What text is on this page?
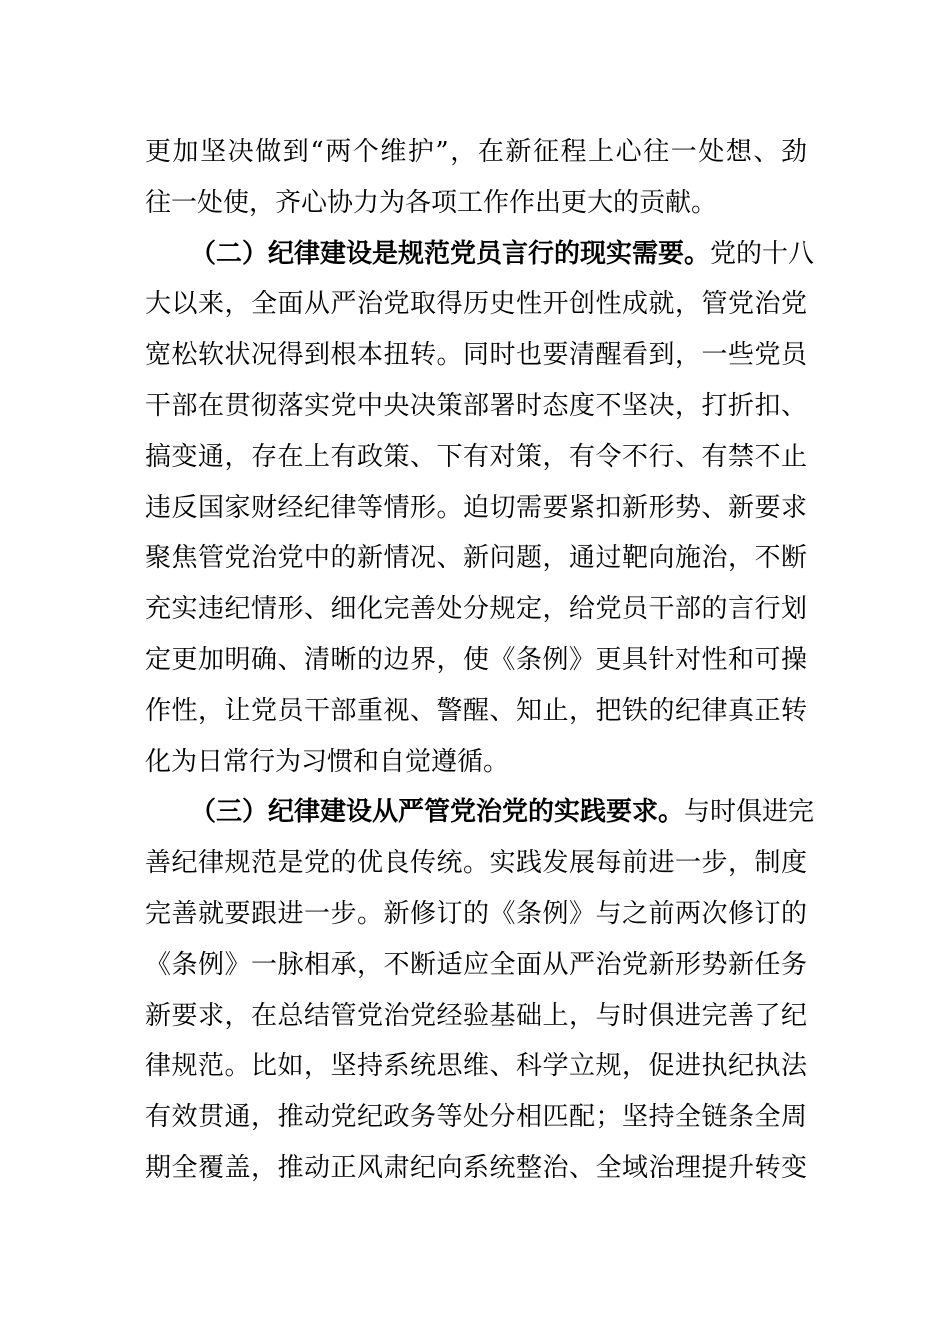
更加坚决做到“两个维护”，在新征程上心往一处想、劲
往一处使，齐心协力为各项工作作出更大的贡献。
（二）纪律建设是规范党员言行的现实需要。党的十八
大以来，全面从严治党取得历史性开创性成就，管党治党
宽松软状况得到根本扭转。同时也要清醒看到，一些党员
干部在贯彻落实党中央决策部署时态度不坚决，打折扣、
搞变通，存在上有政策、下有对策，有令不行、有禁不止
违反国家财经纪律等情形。迫切需要紧扣新形势、新要求
聚焦管党治党中的新情况、新问题，通过靶向施治，不断
充实违纪情形、细化完善处分规定，给党员干部的言行划
定更加明确、清晰的边界，使《条例》更具针对性和可操
作性，让党员干部重视、警醒、知止，把铁的纪律真正转
化为日常行为习惯和自觉遵循。
（三）纪律建设从严管党治党的实践要求。与时俱进完
善纪律规范是党的优良传统。实践发展每前进一步，制度
完善就要跟进一步。新修订的《条例》与之前两次修订的
《条例》一脉相承，不断适应全面从严治党新形势新任务
新要求，在总结管党治党经验基础上，与时俱进完善了纪
律规范。比如，坚持系统思维、科学立规，促进执纪执法
有效贯通，推动党纪政务等处分相匹配；坚持全链条全周
期全覆盖，推动正风肃纪向系统整治、全域治理提升转变
